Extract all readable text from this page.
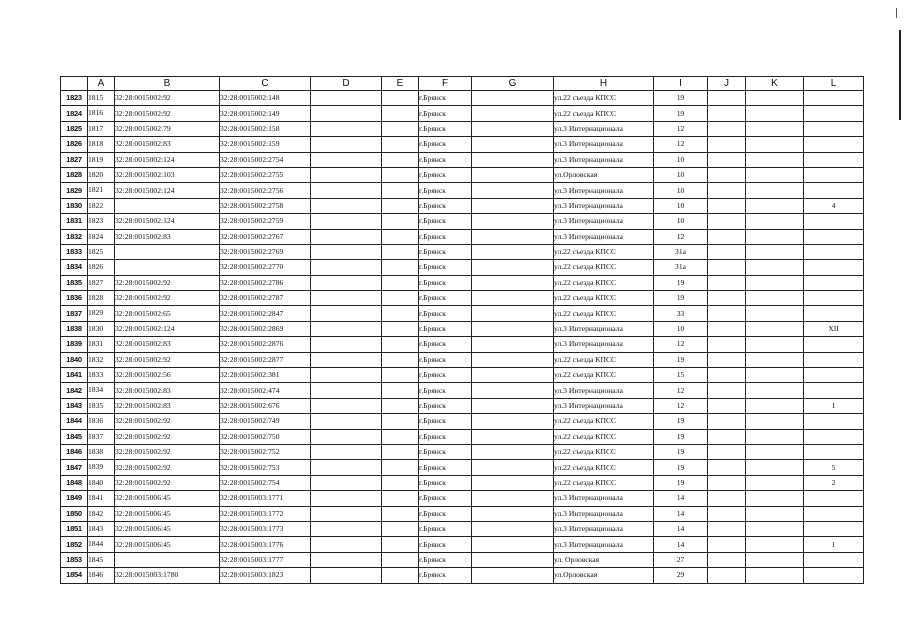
	A	B	C	D	E	F	G	H	I	J	K	L
1823	1815	32:28:0015002:92	32:28:0015002:148			г.Брянск		ул.22 съезда КПСС	19			
1824	1816	32:28:0015002:92	32:28:0015002:149			г.Брянск		ул.22 съезда КПСС	19			
1825	1817	32:28:0015002:79	32:28:0015002:158			г.Брянск		ул.3 Интернационала	12			
1826	1818	32:28:0015002:83	32:28:0015002:159			г.Брянск		ул.3 Интернационала	12			
1827	1819	32:28:0015002:124	32:28:0015002:2754			г.Брянск		ул.3 Интернационала	10			
1828	1820	32:28:0015002:103	32:28:0015002:2755			г.Брянск		ул.Орловская	10			
1829	1821	32:28:0015002:124	32:28:0015002:2756			г.Брянск		ул.3 Интернационала	10			
1830	1822		32:28:0015002:2758			г.Брянск		ул.3 Интернационала	10			4
1831	1823	32:28:0015002:124	32:28:0015002:2759			г.Брянск		ул.3 Интернационала	10			
1832	1824	32:28:0015002:83	32:28:0015002:2767			г.Брянск		ул.3 Интернационала	12			
1833	1825		32:28:0015002:2769			г.Брянск		ул.22 съезда КПСС	31а			
1834	1826		32:28:0015002:2770			г.Брянск		ул.22 съезда КПСС	31а			
1835	1827	32:28:0015002:92	32:28:0015002:2786			г.Брянск		ул.22 съезда КПСС	19			
1836	1828	32:28:0015002:92	32:28:0015002:2787			г.Брянск		ул.22 съезда КПСС	19			
1837	1829	32:28:0015002:65	32:28:0015002:2847			г.Брянск		ул.22 съезда КПСС	33			
1838	1830	32:28:0015002:124	32:28:0015002:2869			г.Брянск		ул.3 Интернационала	10			XII
1839	1831	32:28:0015002:83	32:28:0015002:2876			г.Брянск		ул.3 Интернационала	12			
1840	1832	32:28:0015002:92	32:28:0015002:2877			г.Брянск		ул.22 съезда КПСС	19			
1841	1833	32:28:0015002:56	32:28:0015002:381			г.Брянск		ул.22 съезда КПСС	15			
1842	1834	32:28:0015002:83	32:28:0015002:474			г.Брянск		ул.3 Интернационала	12			
1843	1835	32:28:0015002:83	32:28:0015002:676			г.Брянск		ул.3 Интернационала	12			I
1844	1836	32:28:0015002:92	32:28:0015002:749			г.Брянск		ул.22 съезда КПСС	19			
1845	1837	32:28:0015002:92	32:28:0015002:750			г.Брянск		ул.22 съезда КПСС	19			
1846	1838	32:28:0015002:92	32:28:0015002:752			г.Брянск		ул.22 съезда КПСС	19			
1847	1839	32:28:0015002:92	32:28:0015002:753			г.Брянск		ул.22 съезда КПСС	19			5
1848	1840	32:28:0015002:92	32:28:0015002:754			г.Брянск		ул.22 съезда КПСС	19			2
1849	1841	32:28:0015006:45	32:28:0015003:1771			г.Брянск		ул.3 Интернационала	14			
1850	1842	32:28:0015006:45	32:28:0015003:1772			г.Брянск		ул.3 Интернационала	14			
1851	1843	32:28:0015006:45	32:28:0015003:1773			г.Брянск		ул.3 Интернационала	14			
1852	1844	32:28:0015006:45	32:28:0015003:1776			г.Брянск		ул.3 Интернационала	14			1
1853	1845		32:28:0015003:1777			г.Брянск		ул. Орловская	27			
1854	1846	32:28:0015003:1780	32:28:0015003:1823			г.Брянск		ул.Орловская	29			
